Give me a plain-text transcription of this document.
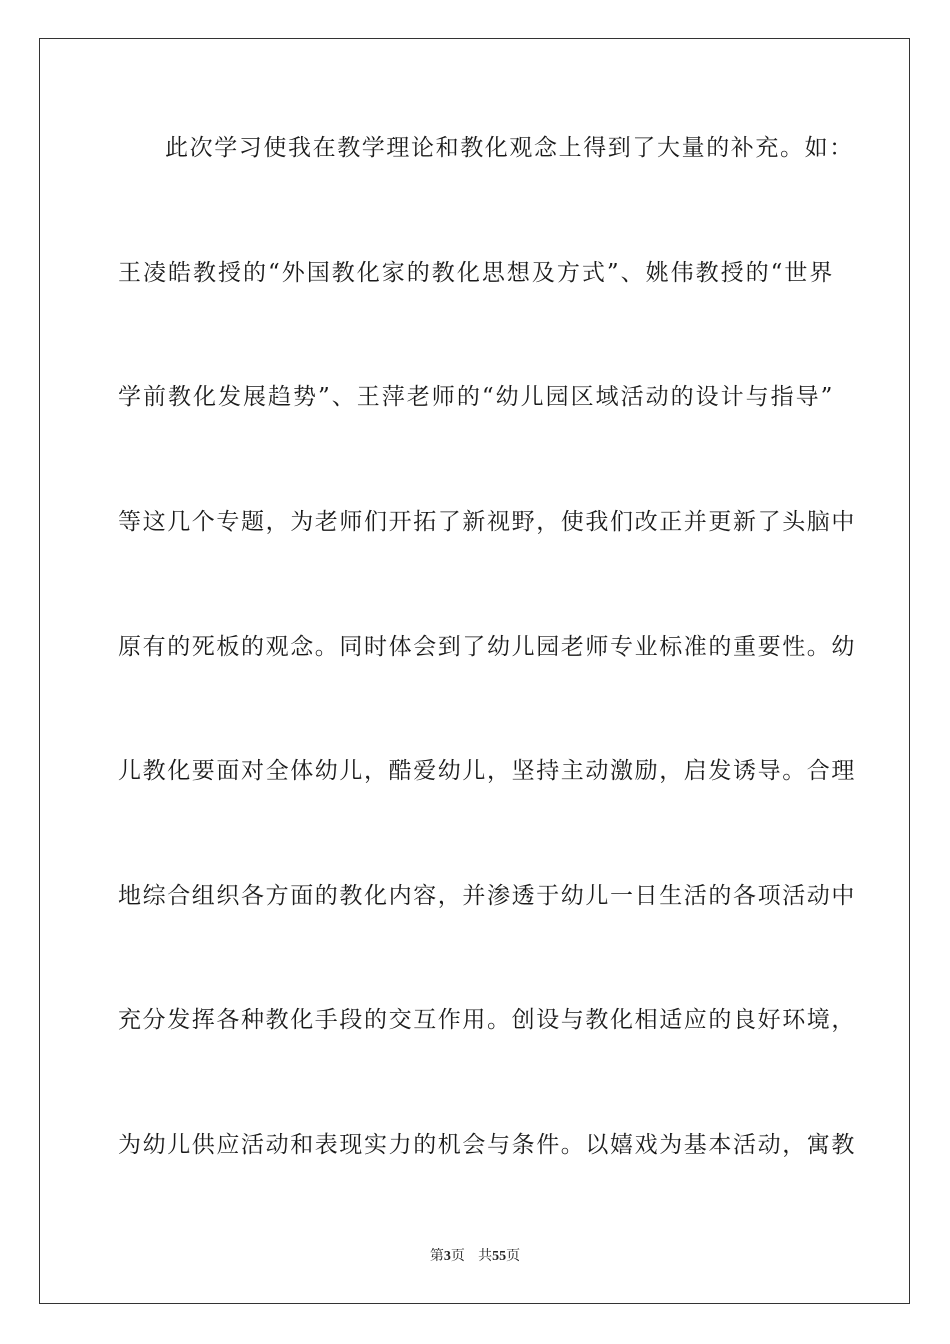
此次学习使我在教学理论和教化观念上得到了大量的补充。如：
王凌皓教授的“外国教化家的教化思想及方式”、姚伟教授的“世界
学前教化发展趋势”、王萍老师的“幼儿园区域活动的设计与指导”
等这几个专题，为老师们开拓了新视野，使我们改正并更新了头脑中
原有的死板的观念。同时体会到了幼儿园老师专业标准的重要性。幼
儿教化要面对全体幼儿，酷爱幼儿，坚持主动激励，启发诱导。合理
地综合组织各方面的教化内容，并渗透于幼儿一日生活的各项活动中
充分发挥各种教化手段的交互作用。创设与教化相适应的良好环境，
为幼儿供应活动和表现实力的机会与条件。以嬉戏为基本活动，寓教
第3页 共55页
